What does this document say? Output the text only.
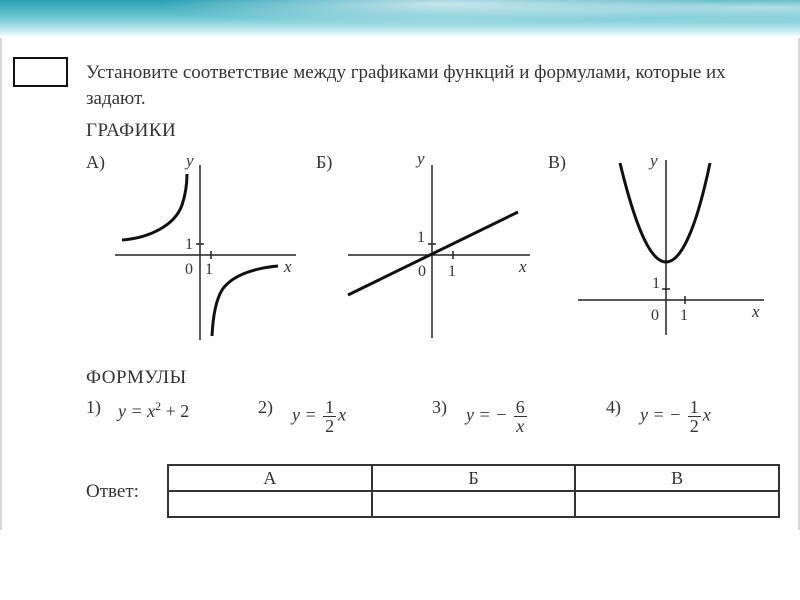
Установите соответствие между графиками функций и формулами, которые их задают.
ГРАФИКИ
А)	Б)	В)
y
x
0 1
1
y
x
0 1
1
y
x
0 1
1
ФОРМУЛЫ
1) $y = x^2 + 2$	2) $y = \frac{1}{2}$ x	3) y = − $\frac{6}{x}$	4) y = − $\frac{1}{2}$ x
Ответ:
А	Б	В
